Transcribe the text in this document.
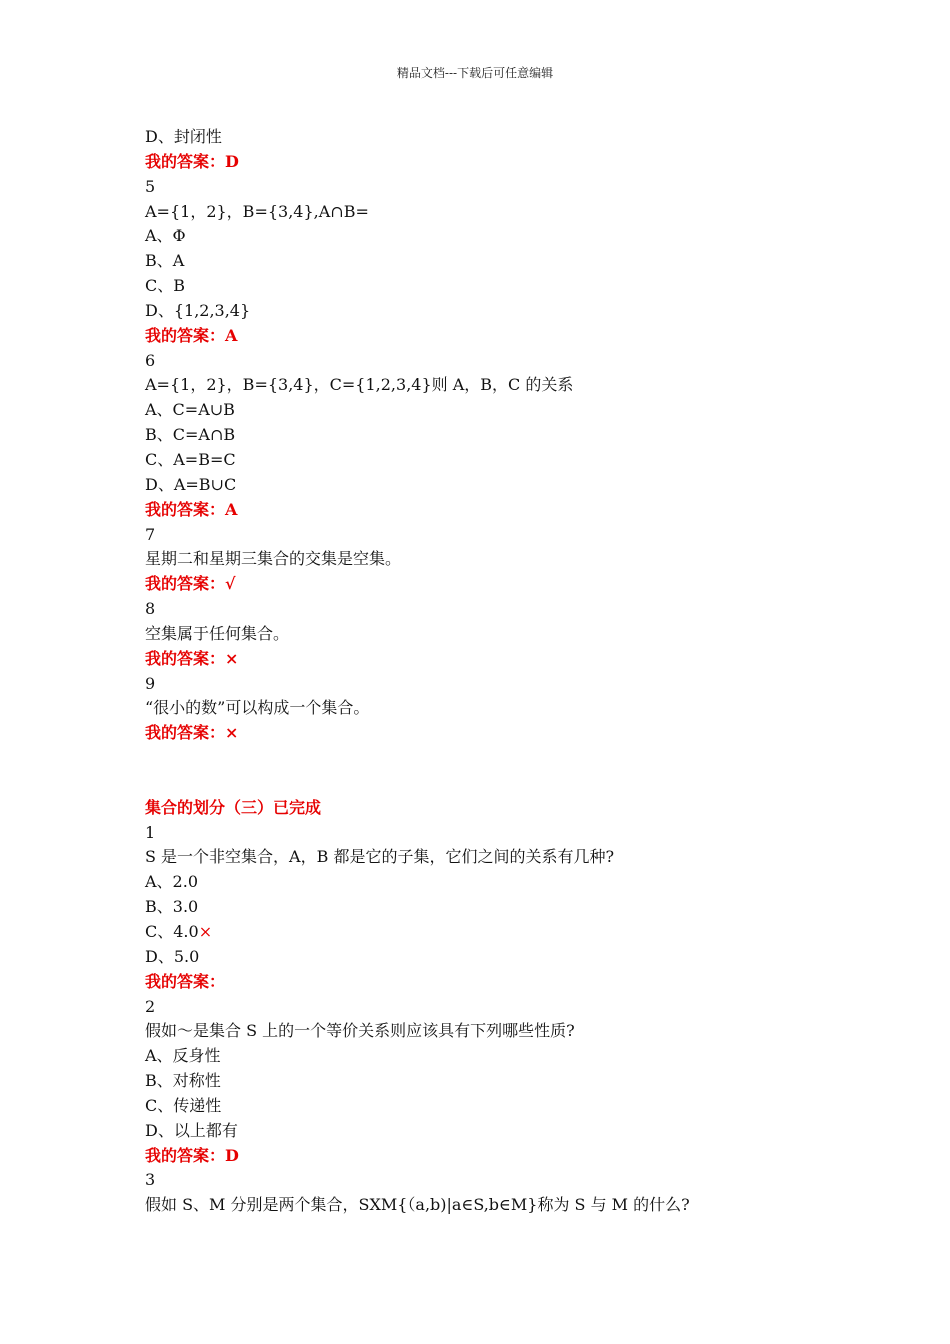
精品文档---下载后可任意编辑
D、封闭性
我的答案：D
5
A={1，2}，B={3,4},A∩B=
A、Φ
B、A
C、B
D、{1,2,3,4}
我的答案：A
6
A={1，2}，B={3,4}，C={1,2,3,4}则 A，B，C 的关系
A、C=A∪B
B、C=A∩B
C、A=B=C
D、A=B∪C
我的答案：A
7
星期二和星期三集合的交集是空集。
我的答案：√
8
空集属于任何集合。
我的答案：×
9
“很小的数”可以构成一个集合。
我的答案：×
集合的划分（三）已完成
1
S 是一个非空集合，A，B 都是它的子集，它们之间的关系有几种?
A、2.0
B、3.0
C、4.0×
D、5.0
我的答案：
2
假如～是集合 S 上的一个等价关系则应该具有下列哪些性质?
A、反身性
B、对称性
C、传递性
D、以上都有
我的答案：D
3
假如 S、M 分别是两个集合，SXM{（a,b)|a∈S,b∈M}称为 S 与 M 的什么?
